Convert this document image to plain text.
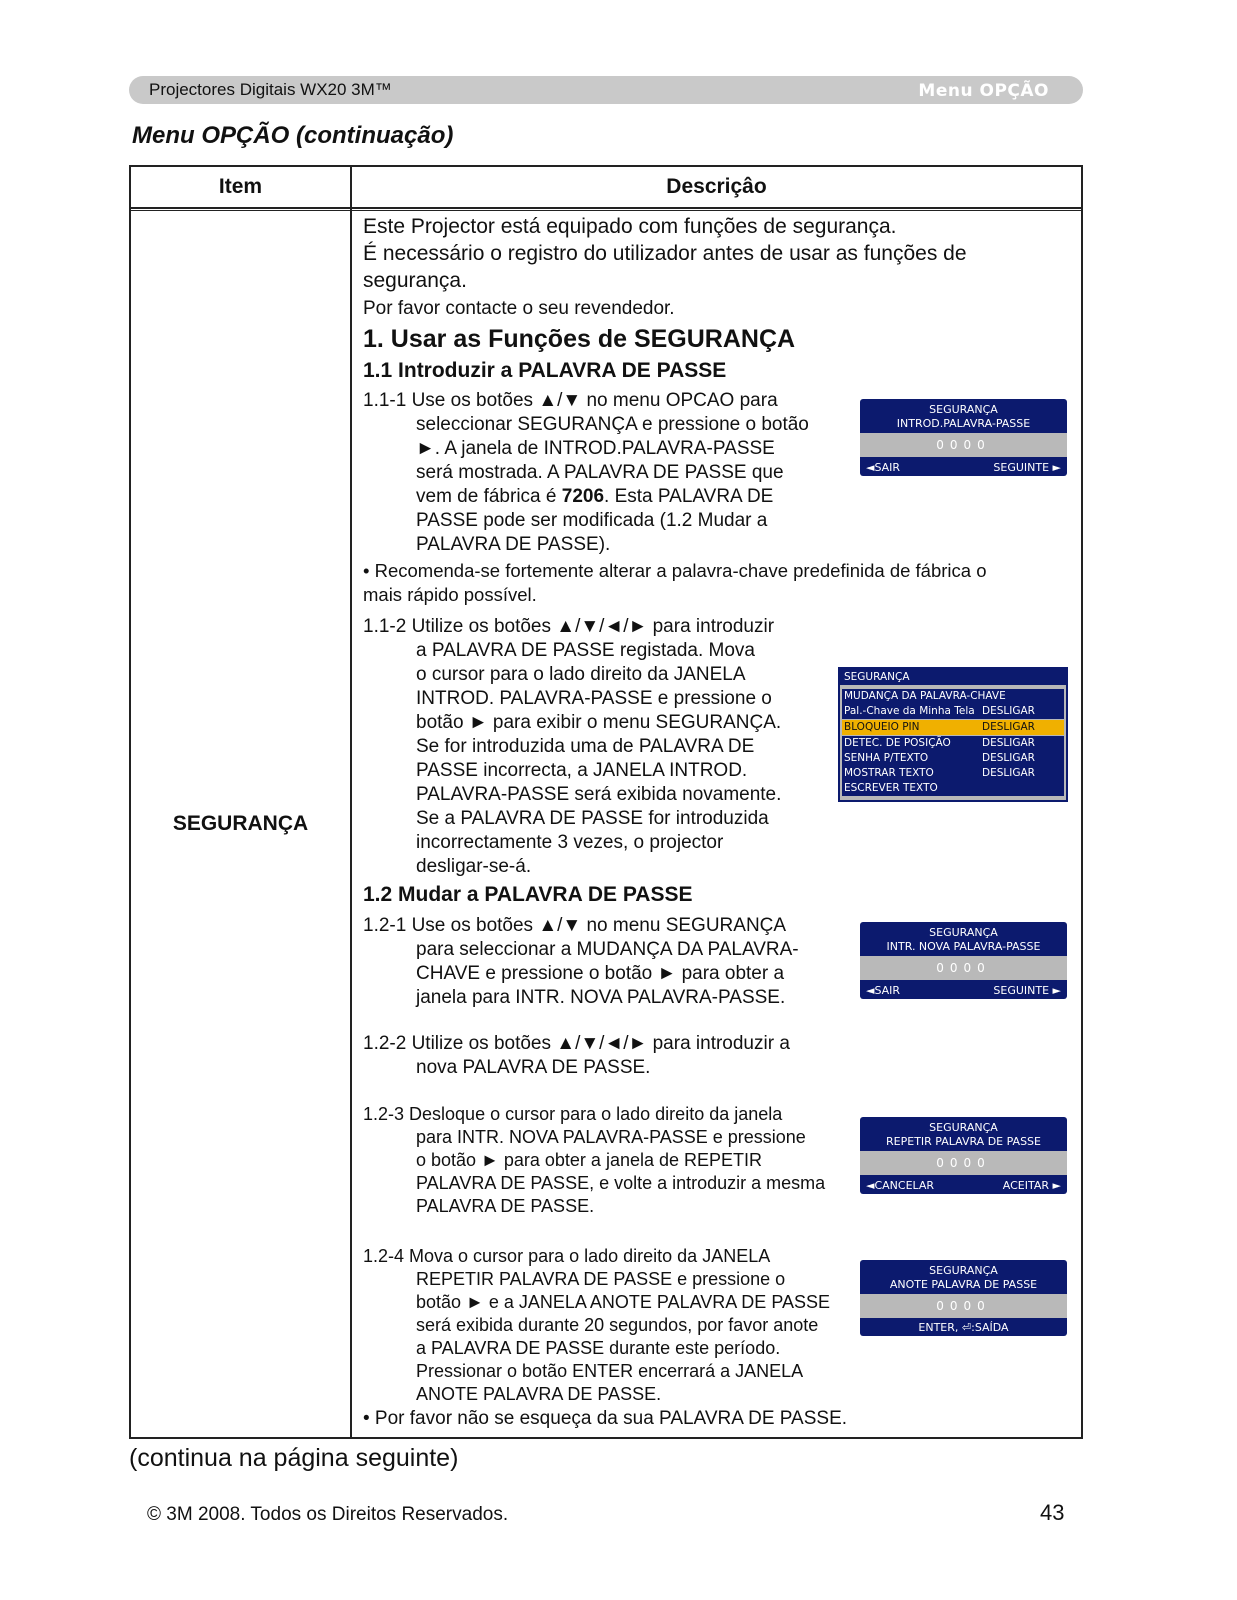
Projectores Digitais WX20 3M™	Menu OPÇÃO
Menu OPÇÃO (continuação)
Item	Descriçâo
SEGURANÇA
Este Projector está equipado com funções de segurança.
É necessário o registro do utilizador antes de usar as funções de
segurança.
Por favor contacte o seu revendedor.
1. Usar as Funções de SEGURANÇA
1.1 Introduzir a PALAVRA DE PASSE
1.1-1 Use os botões ▲/▼ no menu OPCAO para
seleccionar SEGURANÇA e pressione o botão
►. A janela de INTROD.PALAVRA-PASSE
será mostrada. A PALAVRA DE PASSE que
vem de fábrica é 7206. Esta PALAVRA DE
PASSE pode ser modificada (1.2 Mudar a
PALAVRA DE PASSE).
• Recomenda-se fortemente alterar a palavra-chave predefinida de fábrica o
mais rápido possível.
1.1-2 Utilize os botões ▲/▼/◄/► para introduzir
a PALAVRA DE PASSE registada. Mova
o cursor para o lado direito da JANELA
INTROD. PALAVRA-PASSE e pressione o
botão ► para exibir o menu SEGURANÇA.
Se for introduzida uma de PALAVRA DE
PASSE incorrecta, a JANELA INTROD.
PALAVRA-PASSE será exibida novamente.
Se a PALAVRA DE PASSE for introduzida
incorrectamente 3 vezes, o projector
desligar-se-á.
1.2 Mudar a PALAVRA DE PASSE
1.2-1 Use os botões ▲/▼ no menu SEGURANÇA
para seleccionar a MUDANÇA DA PALAVRA-
CHAVE e pressione o botão ► para obter a
janela para INTR. NOVA PALAVRA-PASSE.
1.2-2 Utilize os botões ▲/▼/◄/► para introduzir a
nova PALAVRA DE PASSE.
1.2-3 Desloque o cursor para o lado direito da janela
para INTR. NOVA PALAVRA-PASSE e pressione
o botão ► para obter a janela de REPETIR
PALAVRA DE PASSE, e volte a introduzir a mesma
PALAVRA DE PASSE.
1.2-4 Mova o cursor para o lado direito da JANELA
REPETIR PALAVRA DE PASSE e pressione o
botão ► e a JANELA ANOTE PALAVRA DE PASSE
será exibida durante 20 segundos, por favor anote
a PALAVRA DE PASSE durante este período.
Pressionar o botão ENTER encerrará a JANELA
ANOTE PALAVRA DE PASSE.
• Por favor não se esqueça da sua PALAVRA DE PASSE.
SEGURANÇA
INTROD.PALAVRA-PASSE
0000
◄SAIR	SEGUINTE ►
SEGURANÇA
MUDANÇA DA PALAVRA-CHAVE
Pal.-Chave da Minha Tela DESLIGAR
BLOQUEIO PIN	DESLIGAR
DETEC. DE POSIÇÃO	DESLIGAR
SENHA P/TEXTO	DESLIGAR
MOSTRAR TEXTO	DESLIGAR
ESCREVER TEXTO
SEGURANÇA
INTR. NOVA PALAVRA-PASSE
0000
◄SAIR	SEGUINTE ►
SEGURANÇA
REPETIR PALAVRA DE PASSE
0000
◄CANCELAR	ACEITAR ►
SEGURANÇA
ANOTE PALAVRA DE PASSE
0000
ENTER, ⏎:SAÍDA
(continua na página seguinte)
© 3M 2008. Todos os Direitos Reservados.	43
